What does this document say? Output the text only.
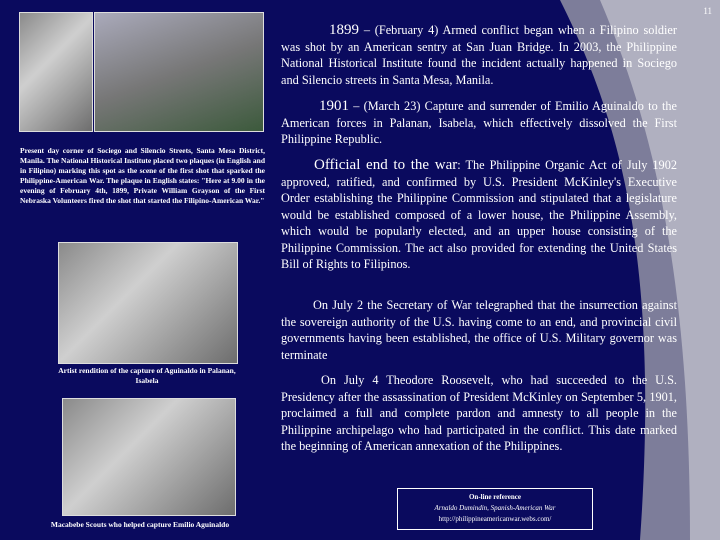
11
Present day corner of Sociego and Silencio Streets, Santa Mesa District, Manila. The National Historical Institute placed two plaques (in English and in Filipino) marking this spot as the scene of the first shot that sparked the Philippine-American War. The plaque in English states: "Here at 9.00 in the evening of February 4th, 1899, Private William Grayson of the First Nebraska Volunteers fired the shot that started the Filipino-American War."
Artist rendition of the capture of Aguinaldo in Palanan, Isabela
Macabebe Scouts who helped capture Emilio Aguinaldo
1899 – (February 4) Armed conflict began when a Filipino soldier was shot by an American sentry at San Juan Bridge. In 2003, the Philippine National Historical Institute found the incident actually happened in Sociego and Silencio streets in Santa Mesa, Manila.
1901 – (March 23) Capture and surrender of Emilio Aguinaldo to the American forces in Palanan, Isabela, which effectively dissolved the First Philippine Republic.
Official end to the war: The Philippine Organic Act of July 1902 approved, ratified, and confirmed by U.S. President McKinley's Executive Order establishing the Philippine Commission and stipulated that a legislature would be established composed of a lower house, the Philippine Assembly, which would be popularly elected, and an upper house consisting of the Philippine Commission. The act also provided for extending the United States Bill of Rights to Filipinos.
On July 2 the Secretary of War telegraphed that the insurrection against the sovereign authority of the U.S. having come to an end, and provincial civil governments having been established, the office of U.S. Military governor was terminate
On July 4 Theodore Roosevelt, who had succeeded to the U.S. Presidency after the assassination of President McKinley on September 5, 1901, proclaimed a full and complete pardon and amnesty to all people in the Philippine archipelago who had participated in the conflict. This date marked the beginning of American annexation of the Philippines.
On-line reference
Arnaldo Dumindin, Spanish-American War
http://philippineamericanwar.webs.com/
